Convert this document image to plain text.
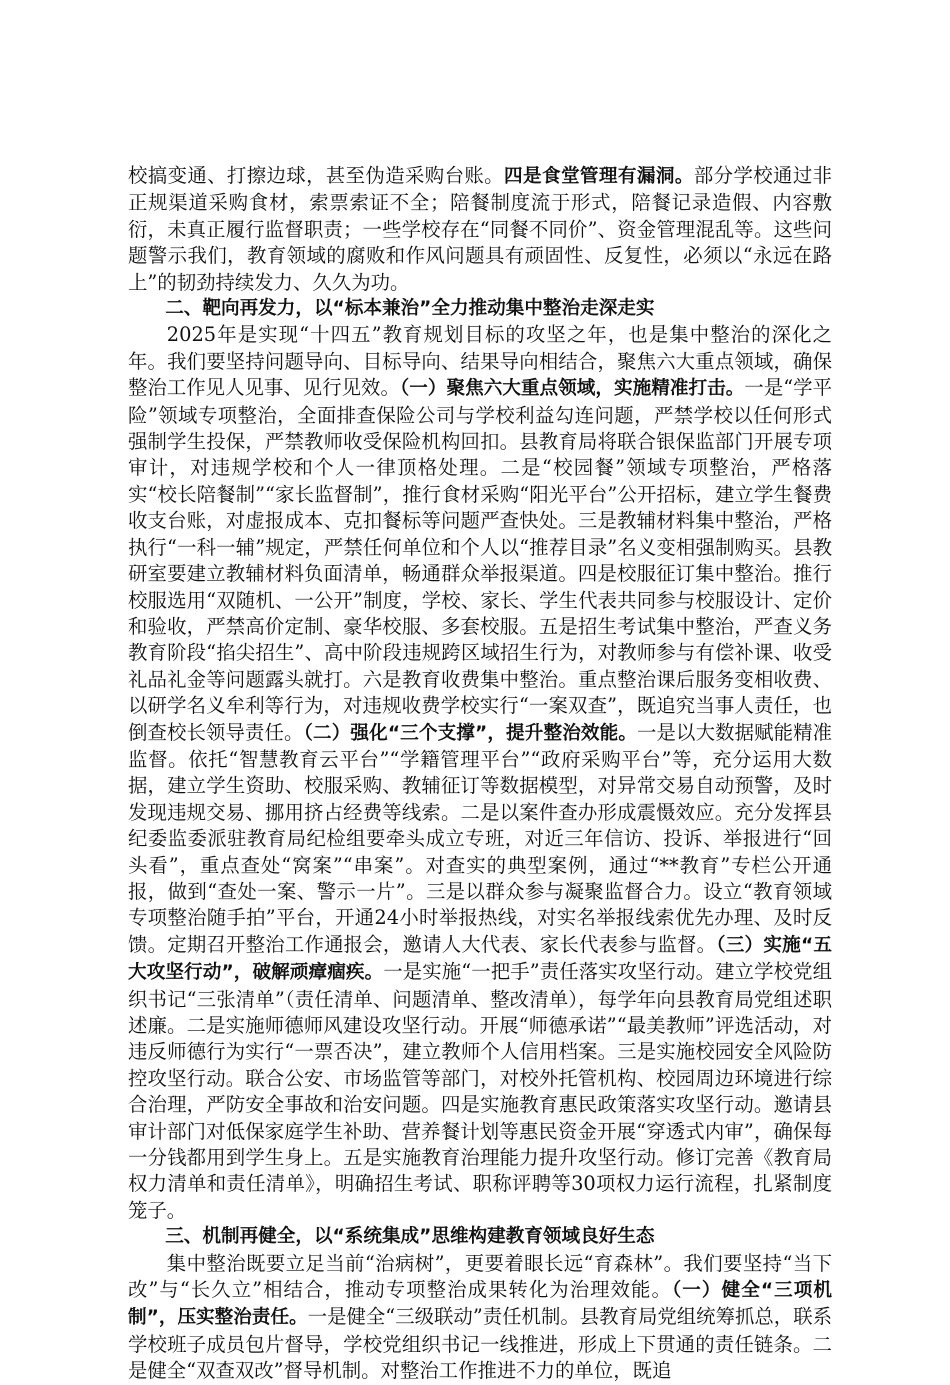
校搞变通、打擦边球，甚至伪造采购台账。四是食堂管理有漏洞。部分学校通过非正规渠道采购食材，索票索证不全；陪餐制度流于形式，陪餐记录造假、内容敷衍，未真正履行监督职责；一些学校存在“同餐不同价”、资金管理混乱等。这些问题警示我们，教育领域的腐败和作风问题具有顽固性、反复性，必须以“永远在路上”的韧劲持续发力、久久为功。

二、靶向再发力，以“标本兼治”全力推动集中整治走深走实

2025年是实现“十四五”教育规划目标的攻坚之年，也是集中整治的深化之年。我们要坚持问题导向、目标导向、结果导向相结合，聚焦六大重点领域，确保整治工作见人见事、见行见效。（一）聚焦六大重点领域，实施精准打击。一是“学平险”领域专项整治，全面排查保险公司与学校利益勾连问题，严禁学校以任何形式强制学生投保，严禁教师收受保险机构回扣。县教育局将联合银保监部门开展专项审计，对违规学校和个人一律顶格处理。二是“校园餐”领域专项整治，严格落实“校长陪餐制”“家长监督制”，推行食材采购“阳光平台”公开招标，建立学生餐费收支台账，对虚报成本、克扣餐标等问题严查快处。三是教辅材料集中整治，严格执行“一科一辅”规定，严禁任何单位和个人以“推荐目录”名义变相强制购买。县教研室要建立教辅材料负面清单，畅通群众举报渠道。四是校服征订集中整治。推行校服选用“双随机、一公开”制度，学校、家长、学生代表共同参与校服设计、定价和验收，严禁高价定制、豪华校服、多套校服。五是招生考试集中整治，严查义务教育阶段“掐尖招生”、高中阶段违规跨区域招生行为，对教师参与有偿补课、收受礼品礼金等问题露头就打。六是教育收费集中整治。重点整治课后服务变相收费、以研学名义牟利等行为，对违规收费学校实行“一案双查”，既追究当事人责任，也倒查校长领导责任。（二）强化“三个支撑”，提升整治效能。一是以大数据赋能精准监督。依托“智慧教育云平台”“学籍管理平台”“政府采购平台”等，充分运用大数据，建立学生资助、校服采购、教辅征订等数据模型，对异常交易自动预警，及时发现违规交易、挪用挤占经费等线索。二是以案件查办形成震慑效应。充分发挥县纪委监委派驻教育局纪检组要牵头成立专班，对近三年信访、投诉、举报进行“回头看”，重点查处“窝案”“串案”。对查实的典型案例，通过“**教育”专栏公开通报，做到“查处一案、警示一片”。三是以群众参与凝聚监督合力。设立“教育领域专项整治随手拍”平台，开通24小时举报热线，对实名举报线索优先办理、及时反馈。定期召开整治工作通报会，邀请人大代表、家长代表参与监督。（三）实施“五大攻坚行动”，破解顽瘴痼疾。一是实施“一把手”责任落实攻坚行动。建立学校党组织书记“三张清单”（责任清单、问题清单、整改清单），每学年向县教育局党组述职述廉。二是实施师德师风建设攻坚行动。开展“师德承诺”“最美教师”评选活动，对违反师德行为实行“一票否决”，建立教师个人信用档案。三是实施校园安全风险防控攻坚行动。联合公安、市场监管等部门，对校外托管机构、校园周边环境进行综合治理，严防安全事故和治安问题。四是实施教育惠民政策落实攻坚行动。邀请县审计部门对低保家庭学生补助、营养餐计划等惠民资金开展“穿透式内审”，确保每一分钱都用到学生身上。五是实施教育治理能力提升攻坚行动。修订完善《教育局权力清单和责任清单》，明确招生考试、职称评聘等30项权力运行流程，扎紧制度笼子。

三、机制再健全，以“系统集成”思维构建教育领域良好生态

集中整治既要立足当前“治病树”，更要着眼长远“育森林”。我们要坚持“当下改”与“长久立”相结合，推动专项整治成果转化为治理效能。（一）健全“三项机制”，压实整治责任。一是健全“三级联动”责任机制。县教育局党组统筹抓总，联系学校班子成员包片督导，学校党组织书记一线推进，形成上下贯通的责任链条。二是健全“双查双改”督导机制。对整治工作推进不力的单位，既追
